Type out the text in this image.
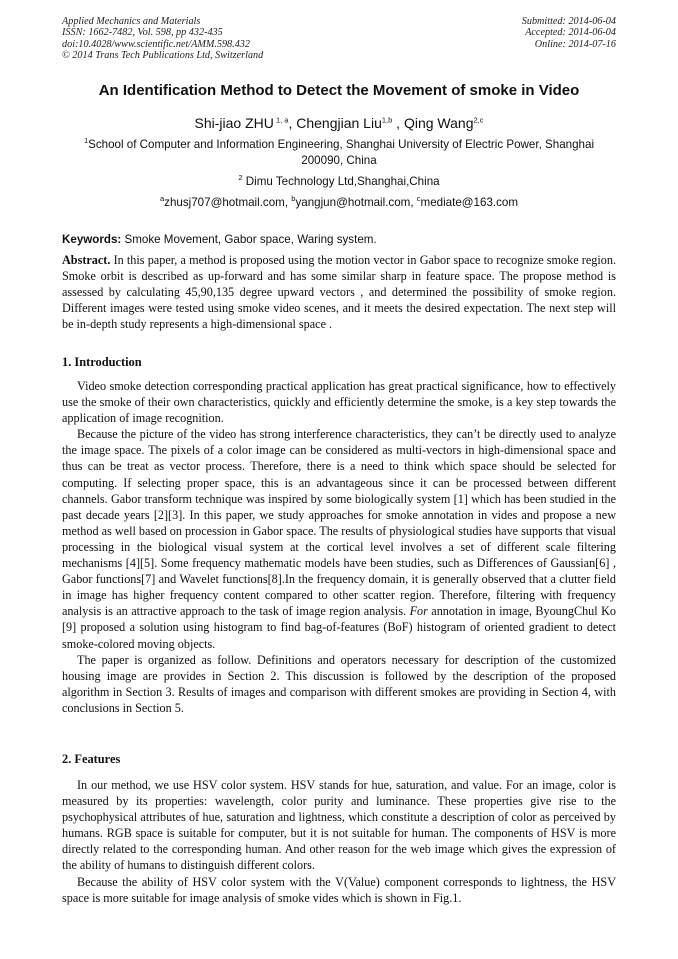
Applied Mechanics and Materials
ISSN: 1662-7482, Vol. 598, pp 432-435
doi:10.4028/www.scientific.net/AMM.598.432
© 2014 Trans Tech Publications Ltd, Switzerland
Submitted: 2014-06-04
Accepted: 2014-06-04
Online: 2014-07-16
An Identification Method to Detect the Movement of smoke in Video
Shi-jiao ZHU $^{1, a}$, Chengjian Liu$^{1,b}$ , Qing Wang$^{2,c}$
$^1$School of Computer and Information Engineering, Shanghai University of Electric Power, Shanghai 200090, China
$^2$ Dimu Technology Ltd,Shanghai,China
$^a$zhusj707@hotmail.com, $^b$yangjun@hotmail.com, $^c$mediate@163.com
Keywords: Smoke Movement, Gabor space, Waring system.
Abstract. In this paper, a method is proposed using the motion vector in Gabor space to recognize smoke region. Smoke orbit is described as up-forward and has some similar sharp in feature space. The propose method is assessed by calculating 45,90,135 degree upward vectors , and determined the possibility of smoke region. Different images were tested using smoke video scenes, and it meets the desired expectation. The next step will be in-depth study represents a high-dimensional space .
1. Introduction

Video smoke detection corresponding practical application has great practical significance, how to effectively use the smoke of their own characteristics, quickly and efficiently determine the smoke, is a key step towards the application of image recognition.

Because the picture of the video has strong interference characteristics, they can’t be directly used to analyze the image space. The pixels of a color image can be considered as multi-vectors in high-dimensional space and thus can be treat as vector process. Therefore, there is a need to think which space should be selected for computing. If selecting proper space, this is an advantageous since it can be processed between different channels. Gabor transform technique was inspired by some biologically system [1] which has been studied in the past decade years [2][3]. In this paper, we study approaches for smoke annotation in vides and propose a new method as well based on procession in Gabor space. The results of physiological studies have supports that visual processing in the biological visual system at the cortical level involves a set of different scale filtering mechanisms [4][5]. Some frequency mathematic models have been studies, such as Differences of Gaussian[6] , Gabor functions[7] and Wavelet functions[8].In the frequency domain, it is generally observed that a clutter field in image has higher frequency content compared to other scatter region. Therefore, filtering with frequency analysis is an attractive approach to the task of image region analysis. For annotation in image, ByoungChul Ko [9] proposed a solution using histogram to find bag-of-features (BoF) histogram of oriented gradient to detect smoke-colored moving objects.

The paper is organized as follow. Definitions and operators necessary for description of the customized housing image are provides in Section 2. This discussion is followed by the description of the proposed algorithm in Section 3. Results of images and comparison with different smokes are providing in Section 4, with conclusions in Section 5.

2. Features

In our method, we use HSV color system. HSV stands for hue, saturation, and value. For an image, color is measured by its properties: wavelength, color purity and luminance. These properties give rise to the psychophysical attributes of hue, saturation and lightness, which constitute a description of color as perceived by humans. RGB space is suitable for computer, but it is not suitable for human. The components of HSV is more directly related to the corresponding human. And other reason for the web image which gives the expression of the ability of humans to distinguish different colors.

Because the ability of HSV color system with the V(Value) component corresponds to lightness, the HSV space is more suitable for image analysis of smoke vides which is shown in Fig.1.
